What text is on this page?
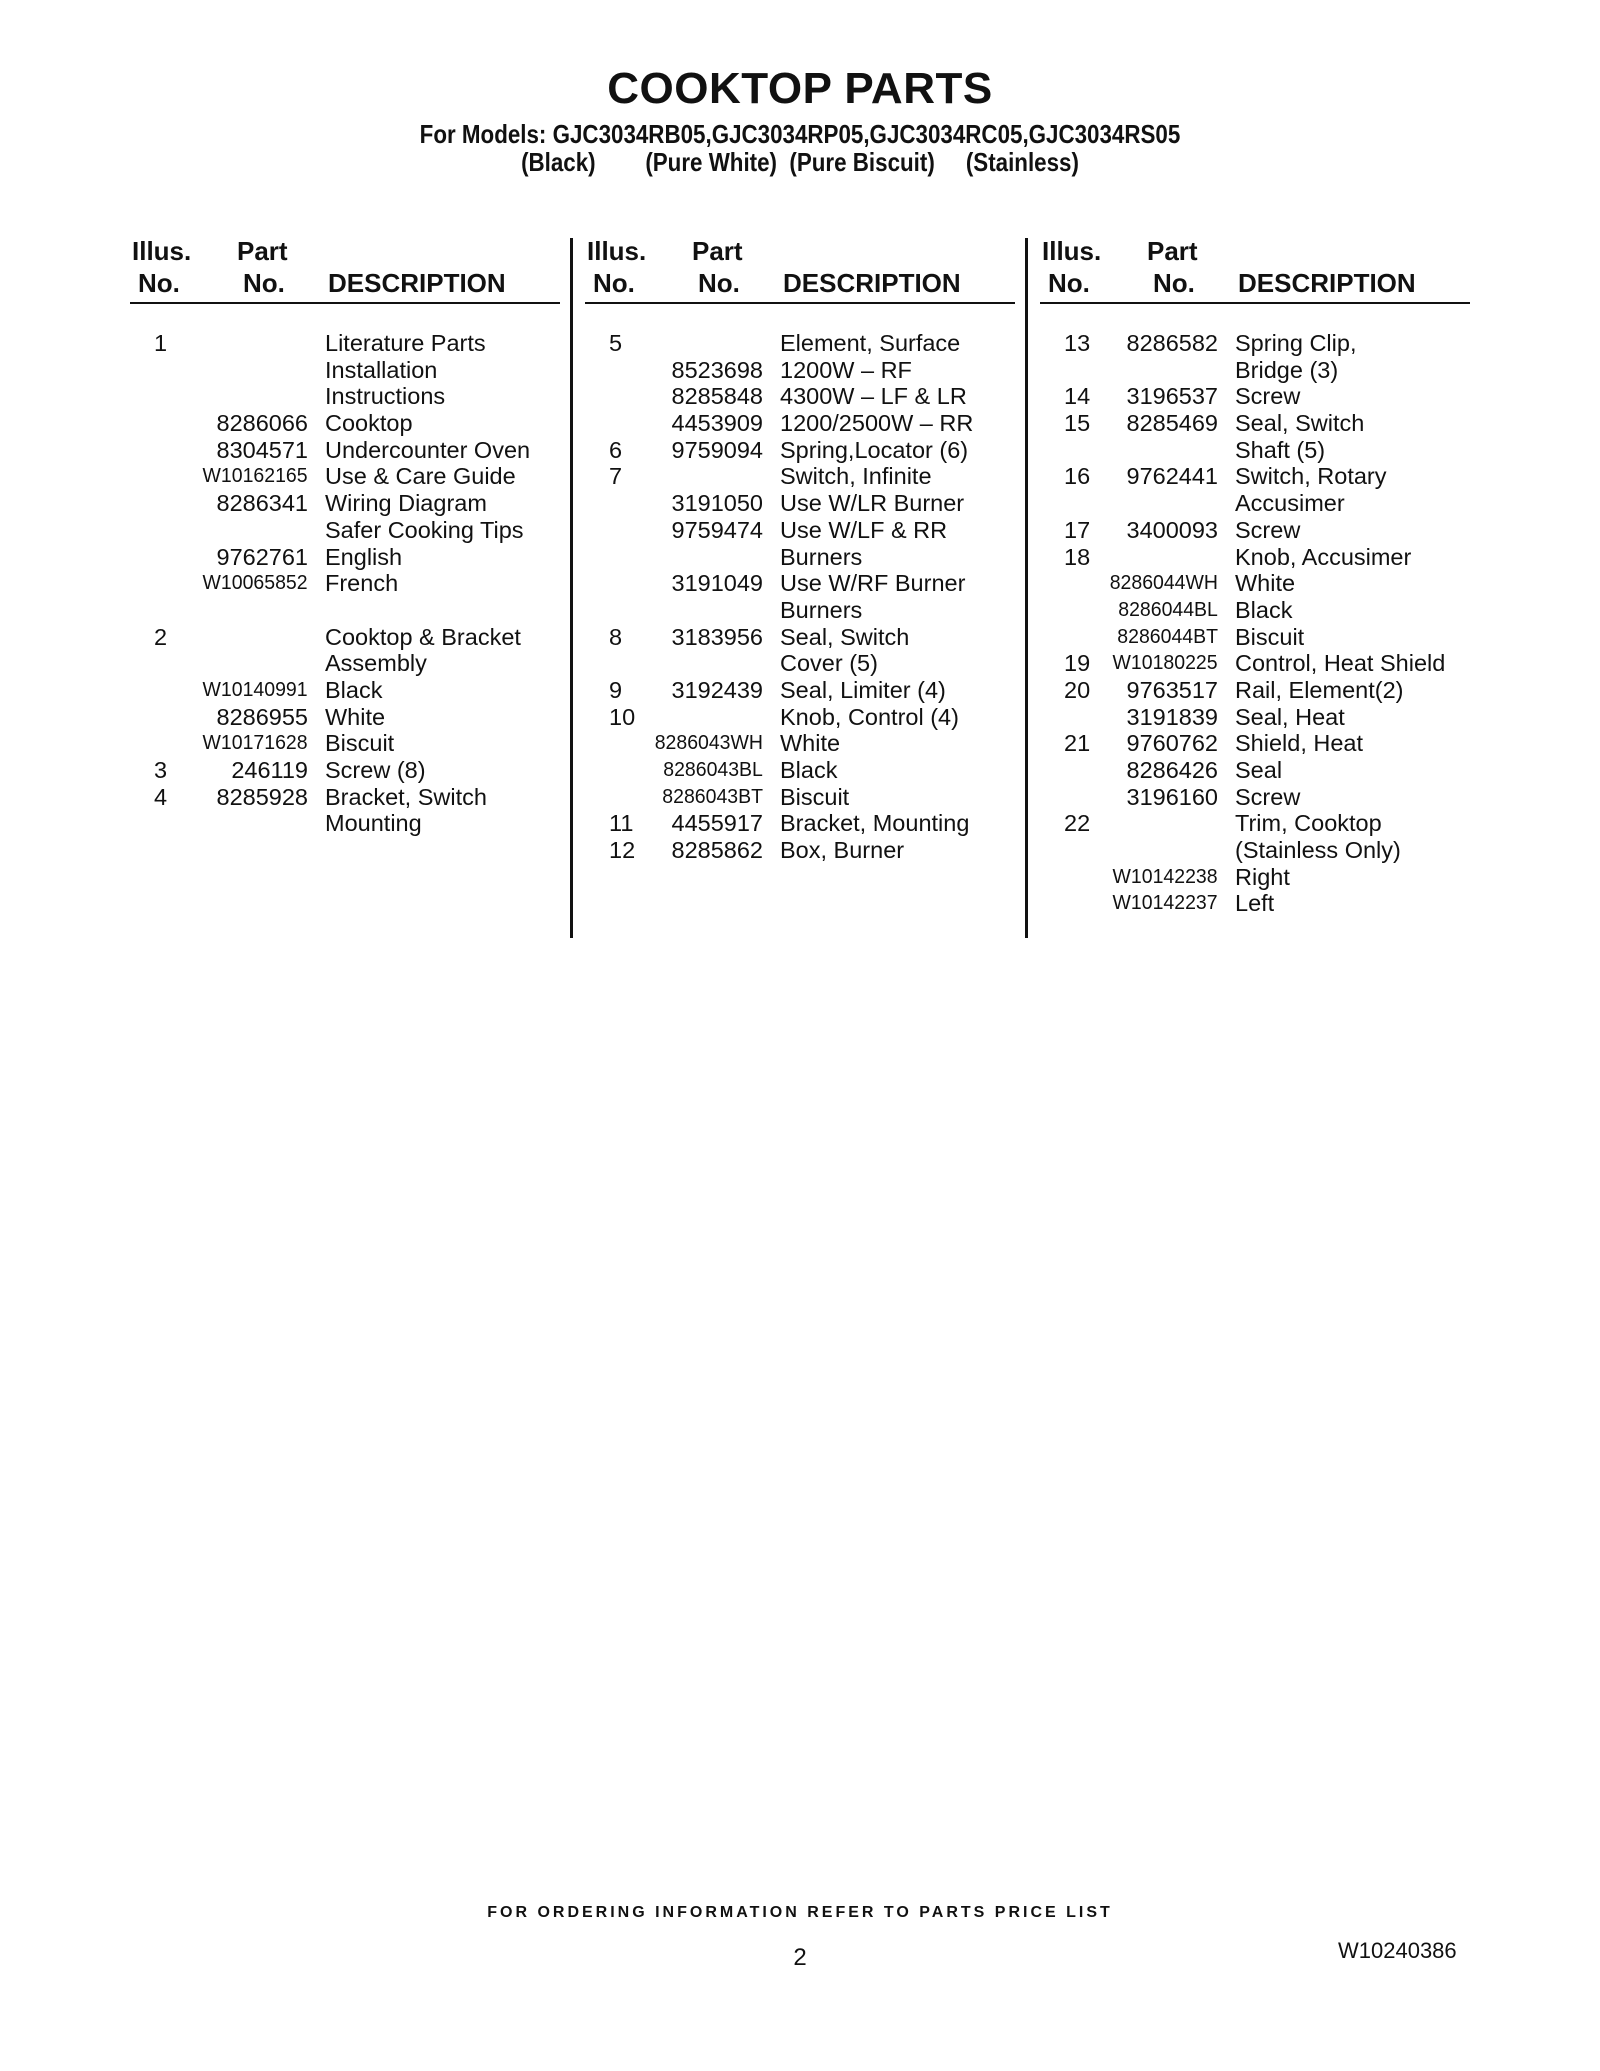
COOKTOP PARTS
For Models: GJC3034RB05,GJC3034RP05,GJC3034RC05,GJC3034RS05
(Black)        (Pure White)  (Pure Biscuit)     (Stainless)
Illus.
No.
Part
No. DESCRIPTION
1	Literature Parts
Installation
Instructions
8286066 Cooktop
8304571 Undercounter Oven
W10162165 Use & Care Guide
8286341 Wiring Diagram
Safer Cooking Tips
9762761 English
W10065852 French
2	Cooktop & Bracket
Assembly
W10140991 Black
8286955 White
W10171628 Biscuit
3	246119 Screw (8)
4 8285928 Bracket, Switch
Mounting
Illus.
No.
Part
No. DESCRIPTION
5	Element, Surface
8523698 1200W – RF
8285848 4300W – LF & LR
4453909 1200/2500W – RR
6 9759094 Spring,Locator (6)
7	Switch, Infinite
3191050 Use W/LR Burner
9759474 Use W/LF & RR
Burners
3191049 Use W/RF Burner
Burners
8 3183956 Seal, Switch
Cover (5)
9 3192439 Seal, Limiter (4)
10	Knob, Control (4)
8286043WH White
8286043BL Black
8286043BT Biscuit
11 4455917 Bracket, Mounting
12 8285862 Box, Burner
Illus.
No.
Part
No. DESCRIPTION
13 8286582 Spring Clip,
Bridge (3)
14 3196537 Screw
15 8285469 Seal, Switch
Shaft (5)
16 9762441 Switch, Rotary
Accusimer
17 3400093 Screw
18	Knob, Accusimer
8286044WH White
8286044BL Black
8286044BT Biscuit
19 W10180225 Control, Heat Shield
20 9763517 Rail, Element(2)
3191839 Seal, Heat
21 9760762 Shield, Heat
8286426 Seal
3196160 Screw
22	Trim, Cooktop
(Stainless Only)
W10142238 Right
W10142237 Left
FOR ORDERING INFORMATION REFER TO PARTS PRICE LIST
2	W10240386
